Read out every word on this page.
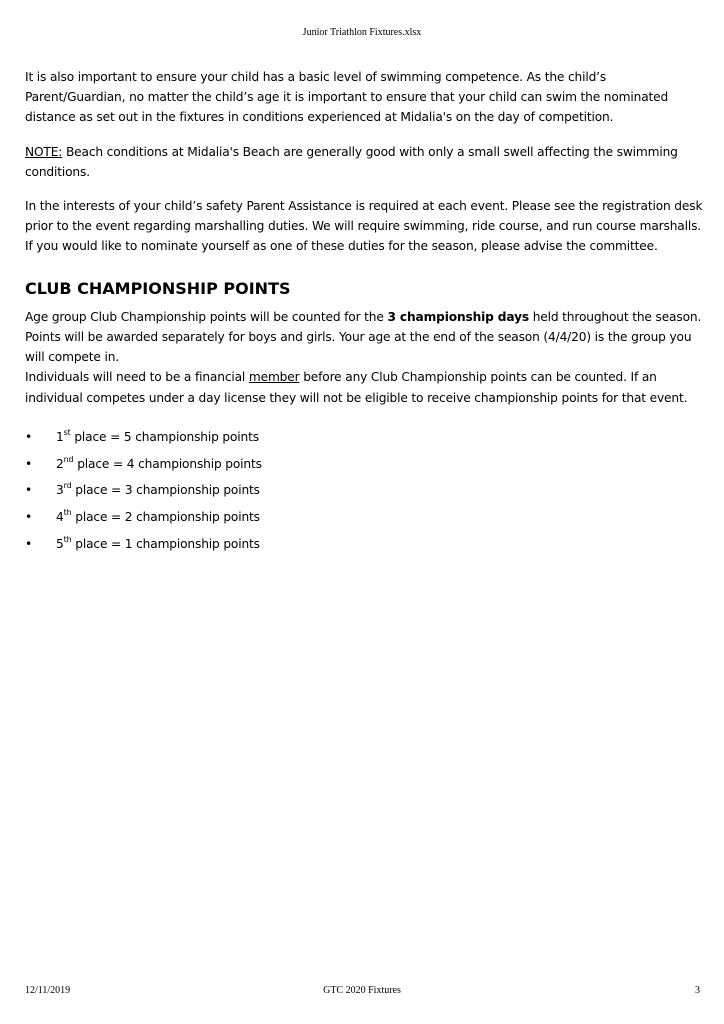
Junior Triathlon Fixtures.xlsx

It is also important to ensure your child has a basic level of swimming competence. As the child’s Parent/Guardian, no matter the child’s age it is important to ensure that your child can swim the nominated distance as set out in the fixtures in conditions experienced at Midalia's on the day of competition.

NOTE: Beach conditions at Midalia's Beach are generally good with only a small swell affecting the swimming conditions.

In the interests of your child’s safety Parent Assistance is required at each event. Please see the registration desk prior to the event regarding marshalling duties. We will require swimming, ride course, and run course marshalls. If you would like to nominate yourself as one of these duties for the season, please advise the committee.

CLUB CHAMPIONSHIP POINTS

Age group Club Championship points will be counted for the 3 championship days held throughout the season. Points will be awarded separately for boys and girls. Your age at the end of the season (4/4/20) is the group you will compete in.

Individuals will need to be a financial member before any Club Championship points can be counted. If an individual competes under a day license they will not be eligible to receive championship points for that event.

• 1st place = 5 championship points
• 2nd place = 4 championship points
• 3rd place = 3 championship points
• 4th place = 2 championship points
• 5th place = 1 championship points
12/11/2019	GTC 2020 Fixtures	3
